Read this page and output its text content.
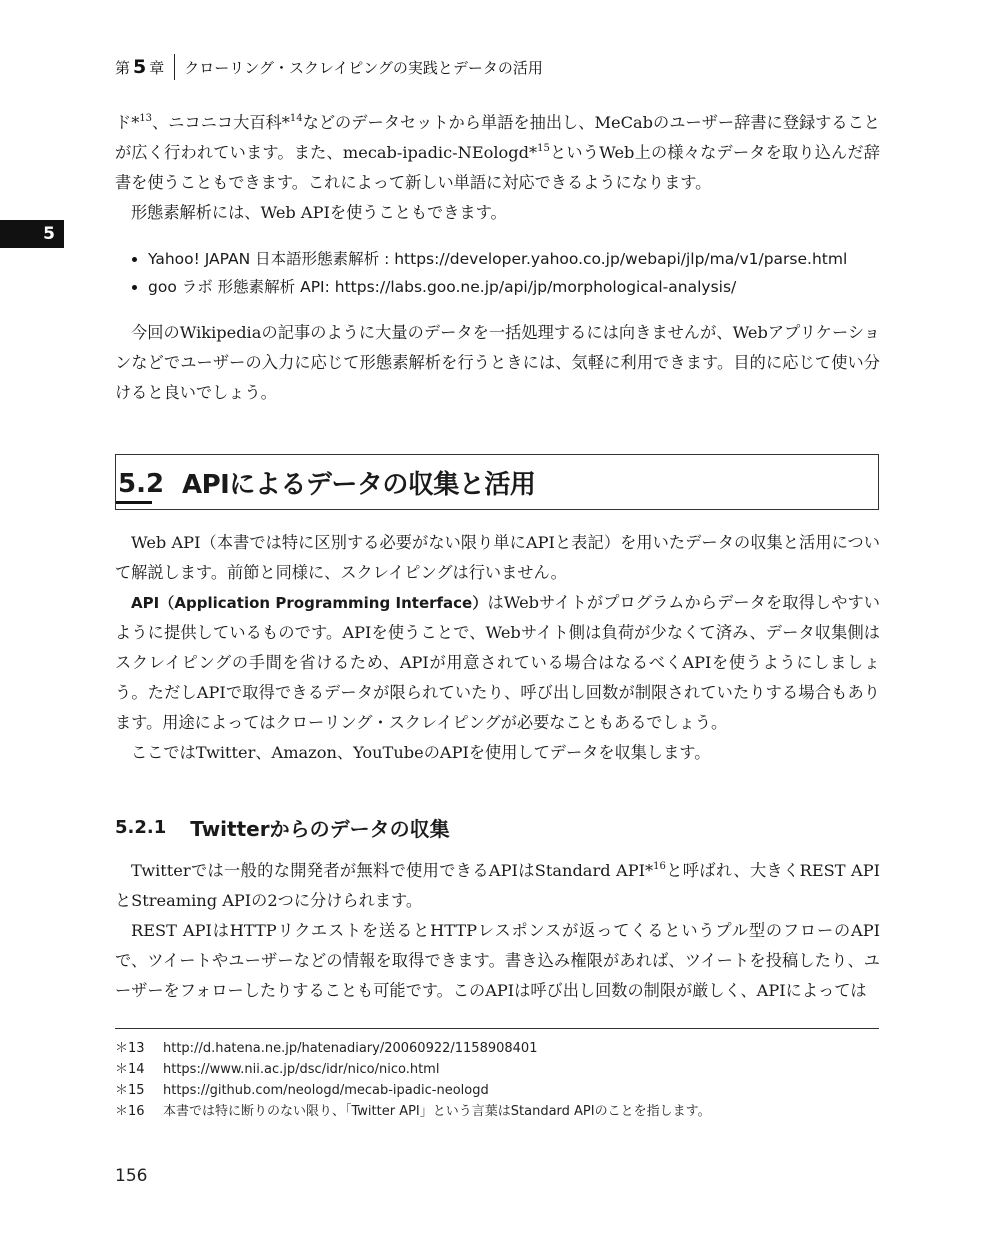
第 5 章 クローリング・スクレイピングの実践とデータの活用
5

ド*$^{13}$、ニコニコ大百科*$^{14}$などのデータセットから単語を抽出し、MeCabのユーザー辞書に登録することが広く行われています。また、mecab-ipadic-NEologd*$^{15}$というWeb上の様々なデータを取り込んだ辞書を使うこともできます。これによって新しい単語に対応できるようになります。

形態素解析には、Web APIを使うこともできます。

Yahoo! JAPAN 日本語形態素解析 : https://developer.yahoo.co.jp/webapi/jlp/ma/v1/parse.html
goo ラボ 形態素解析 API: https://labs.goo.ne.jp/api/jp/morphological-analysis/

今回のWikipediaの記事のように大量のデータを一括処理するには向きませんが、Webアプリケーションなどでユーザーの入力に応じて形態素解析を行うときには、気軽に利用できます。目的に応じて使い分けると良いでしょう。

5.2 APIによるデータの収集と活用

Web API（本書では特に区別する必要がない限り単にAPIと表記）を用いたデータの収集と活用について解説します。前節と同様に、スクレイピングは行いません。

API（Application Programming Interface）はWebサイトがプログラムからデータを取得しやすいように提供しているものです。APIを使うことで、Webサイト側は負荷が少なくて済み、データ収集側はスクレイピングの手間を省けるため、APIが用意されている場合はなるべくAPIを使うようにしましょう。ただしAPIで取得できるデータが限られていたり、呼び出し回数が制限されていたりする場合もあります。用途によってはクローリング・スクレイピングが必要なこともあるでしょう。

ここではTwitter、Amazon、YouTubeのAPIを使用してデータを収集します。

5.2.1 Twitterからのデータの収集

Twitterでは一般的な開発者が無料で使用できるAPIはStandard API*$^{16}$と呼ばれ、大きくREST APIとStreaming APIの2つに分けられます。

REST APIはHTTPリクエストを送るとHTTPレスポンスが返ってくるというプル型のフローのAPIで、ツイートやユーザーなどの情報を取得できます。書き込み権限があれば、ツイートを投稿したり、ユーザーをフォローしたりすることも可能です。このAPIは呼び出し回数の制限が厳しく、APIによっては

＊13	http://d.hatena.ne.jp/hatenadiary/20060922/1158908401
＊14	https://www.nii.ac.jp/dsc/idr/nico/nico.html
＊15	https://github.com/neologd/mecab-ipadic-neologd
＊16	本書では特に断りのない限り、「Twitter API」という言葉はStandard APIのことを指します。
156
